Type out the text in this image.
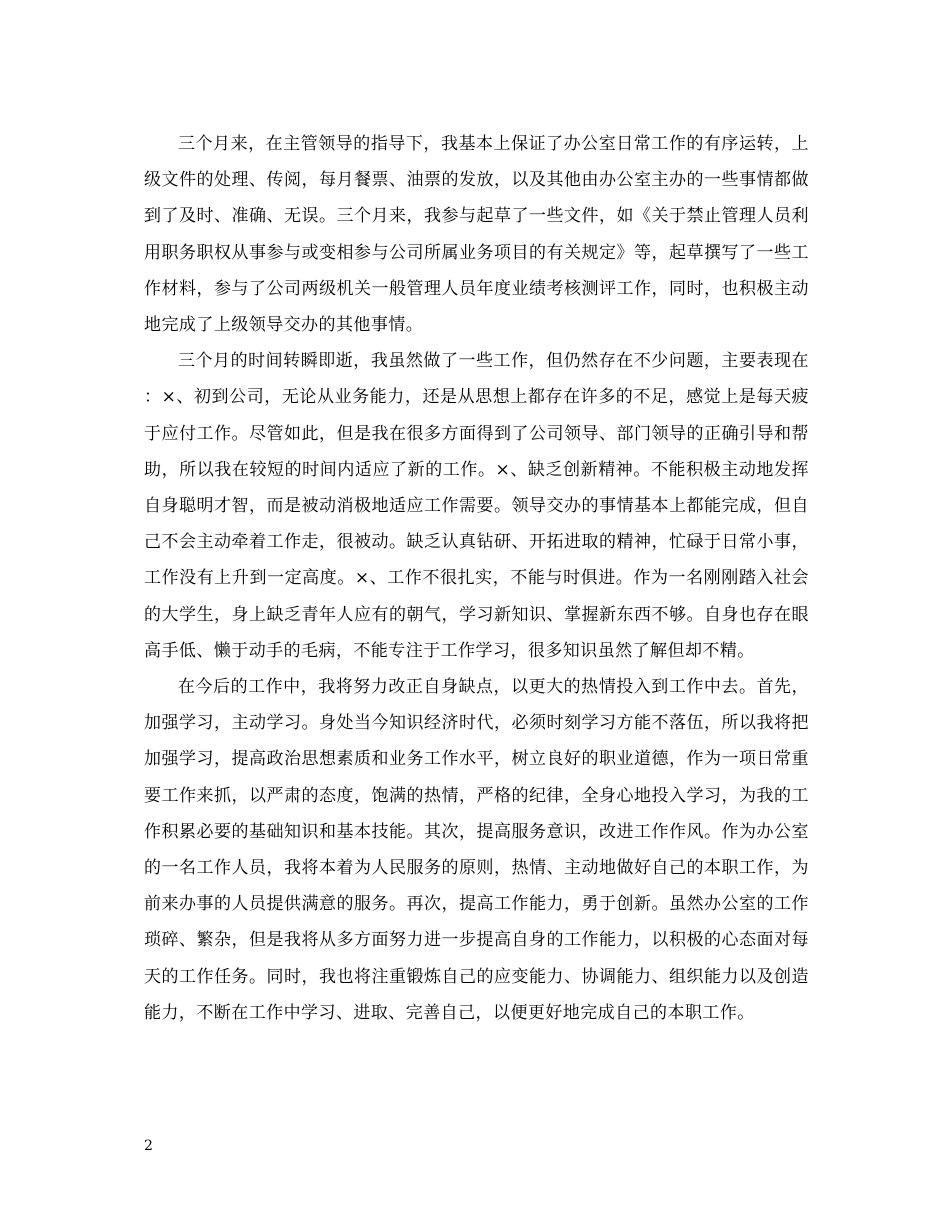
三个月来，在主管领导的指导下，我基本上保证了办公室日常工作的有序运转，上级文件的处理、传阅，每月餐票、油票的发放，以及其他由办公室主办的一些事情都做到了及时、准确、无误。三个月来，我参与起草了一些文件，如《关于禁止管理人员利用职务职权从事参与或变相参与公司所属业务项目的有关规定》等，起草撰写了一些工作材料，参与了公司两级机关一般管理人员年度业绩考核测评工作，同时，也积极主动地完成了上级领导交办的其他事情。

三个月的时间转瞬即逝，我虽然做了一些工作，但仍然存在不少问题，主要表现在：×、初到公司，无论从业务能力，还是从思想上都存在许多的不足，感觉上是每天疲于应付工作。尽管如此，但是我在很多方面得到了公司领导、部门领导的正确引导和帮助，所以我在较短的时间内适应了新的工作。×、缺乏创新精神。不能积极主动地发挥自身聪明才智，而是被动消极地适应工作需要。领导交办的事情基本上都能完成，但自己不会主动牵着工作走，很被动。缺乏认真钻研、开拓进取的精神，忙碌于日常小事，工作没有上升到一定高度。×、工作不很扎实，不能与时俱进。作为一名刚刚踏入社会的大学生，身上缺乏青年人应有的朝气，学习新知识、掌握新东西不够。自身也存在眼高手低、懒于动手的毛病，不能专注于工作学习，很多知识虽然了解但却不精。

在今后的工作中，我将努力改正自身缺点，以更大的热情投入到工作中去。首先，加强学习，主动学习。身处当今知识经济时代，必须时刻学习方能不落伍，所以我将把加强学习，提高政治思想素质和业务工作水平，树立良好的职业道德，作为一项日常重要工作来抓，以严肃的态度，饱满的热情，严格的纪律，全身心地投入学习，为我的工作积累必要的基础知识和基本技能。其次，提高服务意识，改进工作作风。作为办公室的一名工作人员，我将本着为人民服务的原则，热情、主动地做好自己的本职工作，为前来办事的人员提供满意的服务。再次，提高工作能力，勇于创新。虽然办公室的工作琐碎、繁杂，但是我将从多方面努力进一步提高自身的工作能力，以积极的心态面对每天的工作任务。同时，我也将注重锻炼自己的应变能力、协调能力、组织能力以及创造能力，不断在工作中学习、进取、完善自己，以便更好地完成自己的本职工作。

2
